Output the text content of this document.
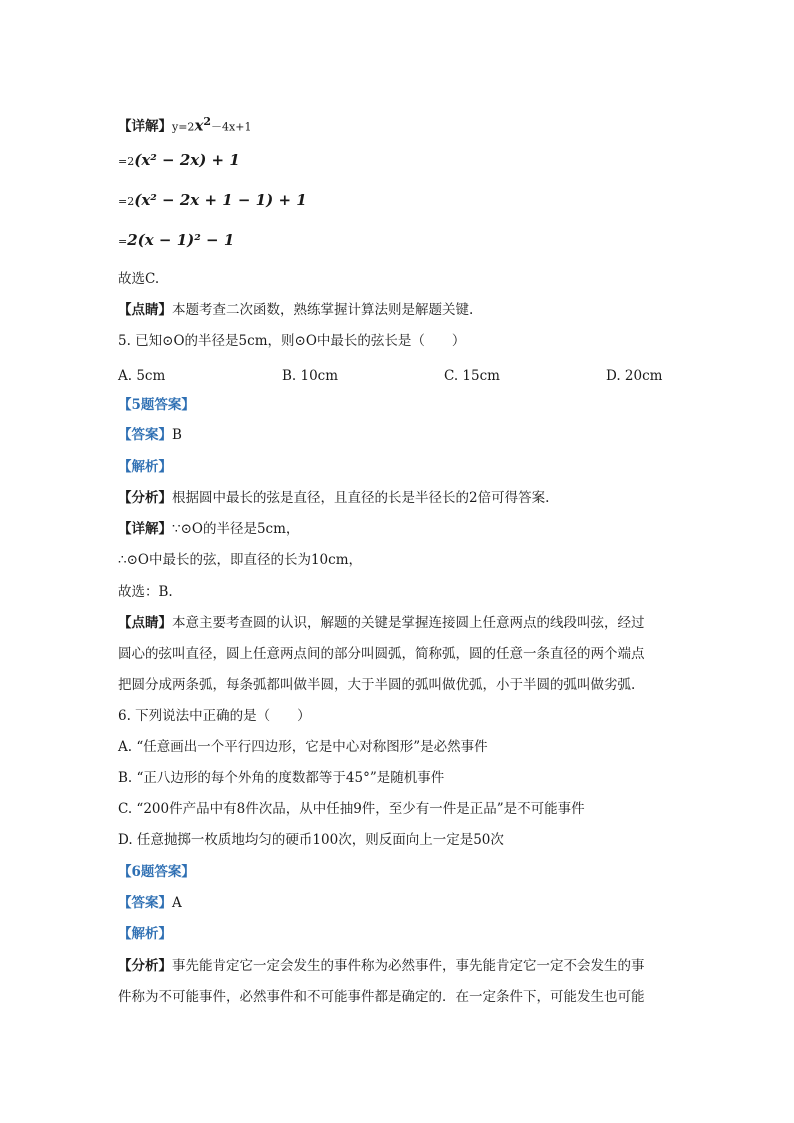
【详解】$y=2x^2-4x+1$
=2(x² − 2x) + 1
=2(x² − 2x + 1 − 1) + 1
=2(x − 1)² − 1
故选C.
【点睛】本题考查二次函数，熟练掌握计算法则是解题关键.
5. 已知⊙O的半径是5cm，则⊙O中最长的弦长是（　　）
A. 5cm	B. 10cm	C. 15cm	D. 20cm
【5题答案】
【答案】B
【解析】
【分析】根据圆中最长的弦是直径，且直径的长是半径长的2倍可得答案.
【详解】∵⊙O的半径是5cm，
∴⊙O中最长的弦，即直径的长为10cm，
故选：B.
【点睛】本意主要考查圆的认识，解题的关键是掌握连接圆上任意两点的线段叫弦，经过
圆心的弦叫直径，圆上任意两点间的部分叫圆弧，简称弧，圆的任意一条直径的两个端点
把圆分成两条弧，每条弧都叫做半圆，大于半圆的弧叫做优弧，小于半圆的弧叫做劣弧.
6. 下列说法中正确的是（　　）
A. “任意画出一个平行四边形，它是中心对称图形”是必然事件
B. “正八边形的每个外角的度数都等于45°”是随机事件
C. “200件产品中有8件次品，从中任抽9件，至少有一件是正品”是不可能事件
D. 任意抛掷一枚质地均匀的硬币100次，则反面向上一定是50次
【6题答案】
【答案】A
【解析】
【分析】事先能肯定它一定会发生的事件称为必然事件，事先能肯定它一定不会发生的事
件称为不可能事件，必然事件和不可能事件都是确定的．在一定条件下，可能发生也可能
